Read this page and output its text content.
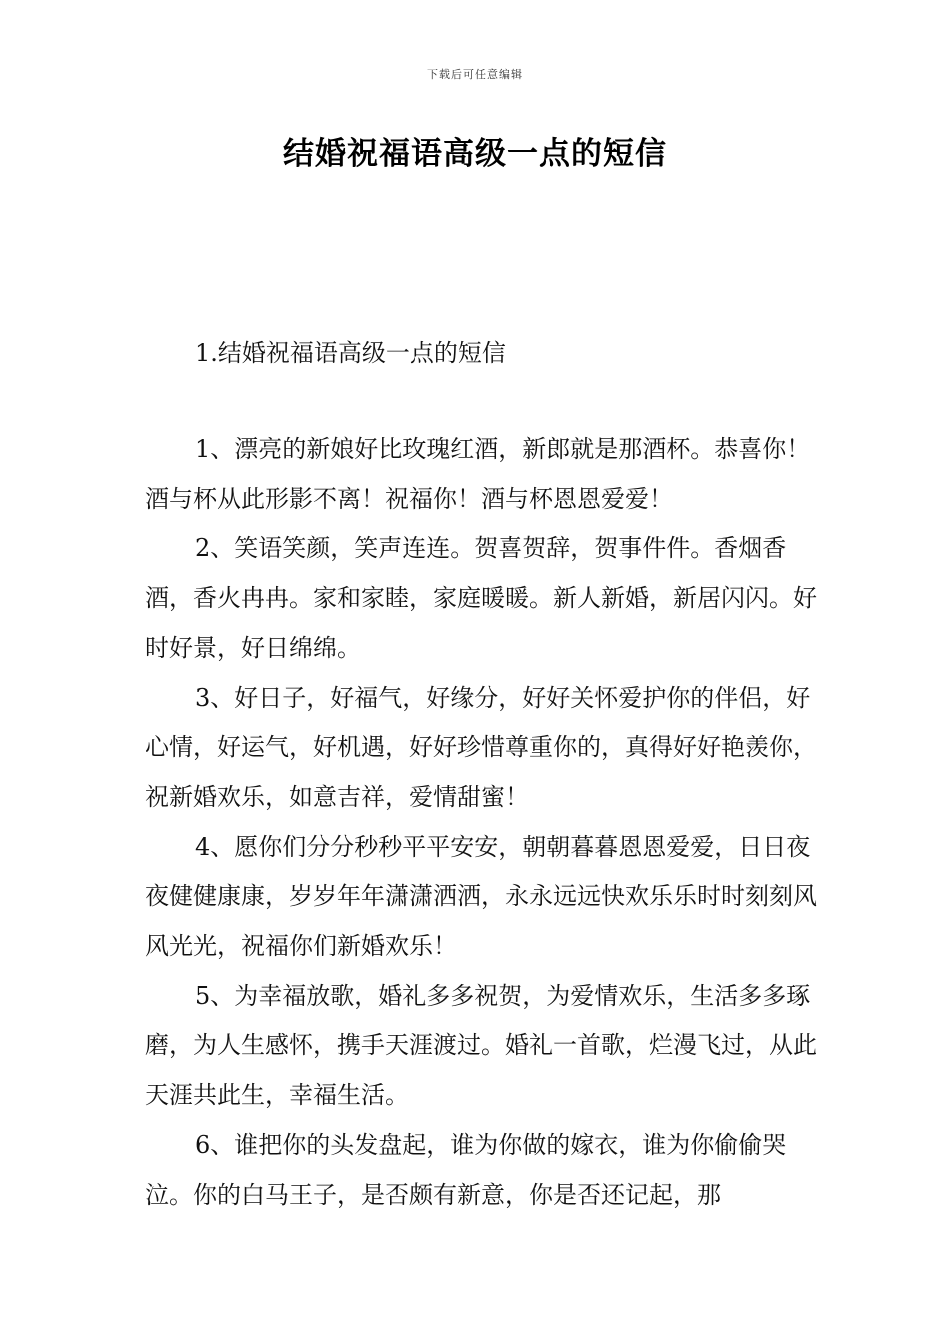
下载后可任意编辑
结婚祝福语高级一点的短信
1.结婚祝福语高级一点的短信

1、漂亮的新娘好比玫瑰红酒，新郎就是那酒杯。恭喜你！酒与杯从此形影不离！祝福你！酒与杯恩恩爱爱！

2、笑语笑颜，笑声连连。贺喜贺辞，贺事件件。香烟香酒，香火冉冉。家和家睦，家庭暖暖。新人新婚，新居闪闪。好时好景，好日绵绵。

3、好日子，好福气，好缘分，好好关怀爱护你的伴侣，好心情，好运气，好机遇，好好珍惜尊重你的，真得好好艳羡你，祝新婚欢乐，如意吉祥，爱情甜蜜！

4、愿你们分分秒秒平平安安，朝朝暮暮恩恩爱爱，日日夜夜健健康康，岁岁年年潇潇洒洒，永永远远快欢乐乐时时刻刻风风光光，祝福你们新婚欢乐！

5、为幸福放歌，婚礼多多祝贺，为爱情欢乐，生活多多琢磨，为人生感怀，携手天涯渡过。婚礼一首歌，烂漫飞过，从此天涯共此生，幸福生活。

6、谁把你的头发盘起，谁为你做的嫁衣，谁为你偷偷哭泣。你的白马王子，是否颇有新意，你是否还记起，那
